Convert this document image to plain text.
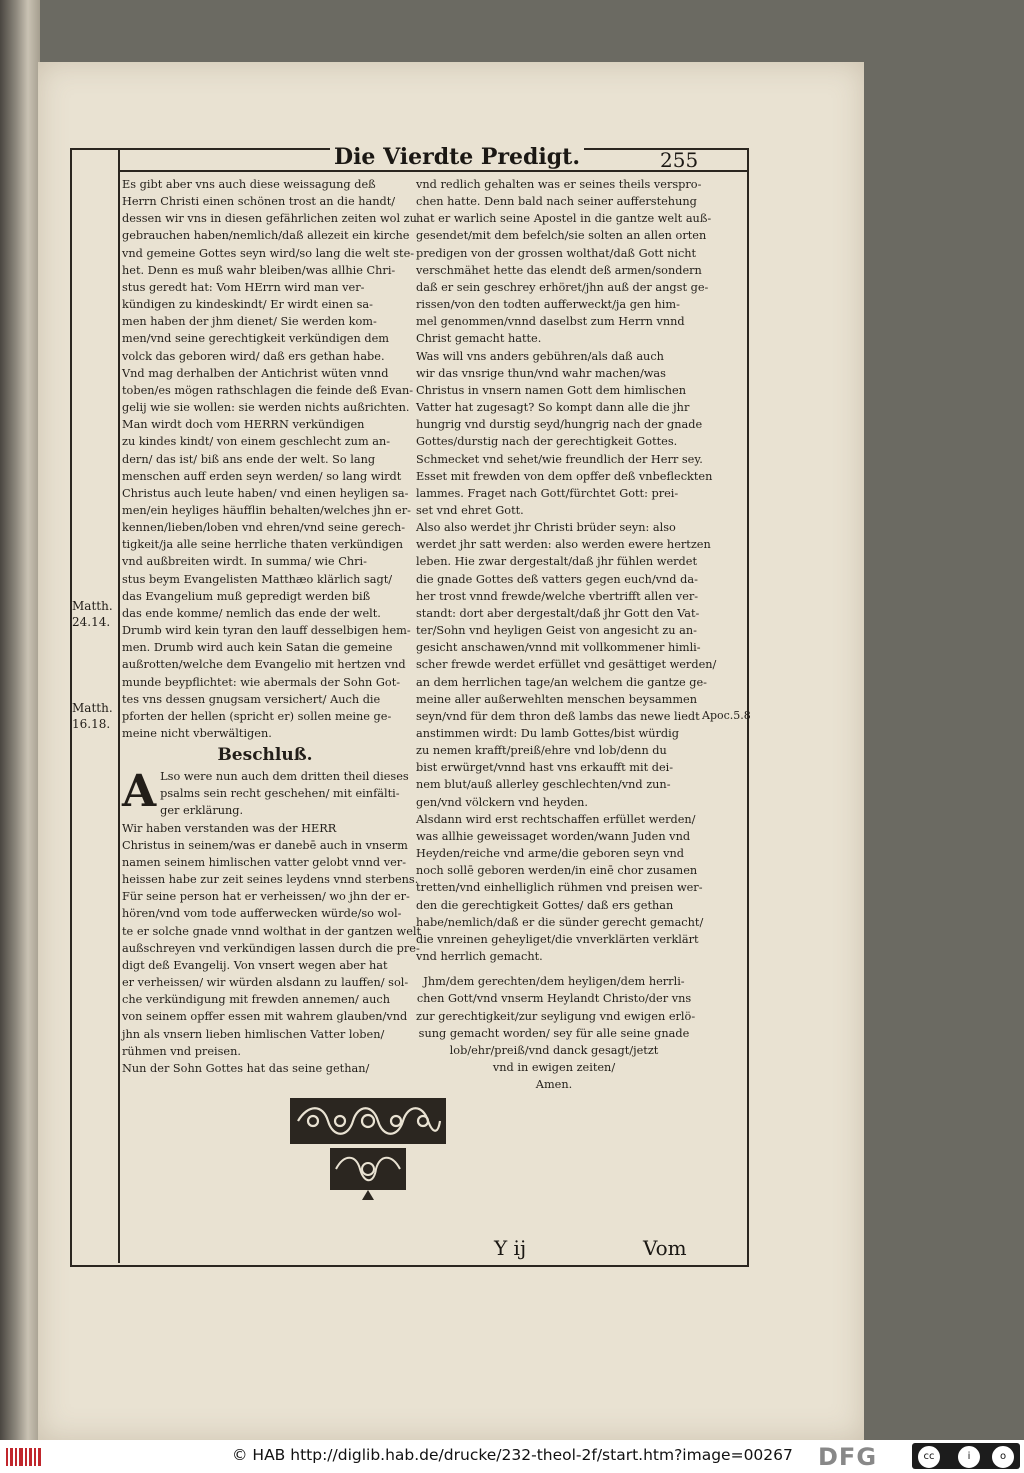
Die Vierdte Predigt.	255
Matth.
24.14.
Matth.
16.18.
Apoc.5.8

Es gibt aber vns auch diese weissagung deß

Herrn Christi einen schönen trost an die handt/

dessen wir vns in diesen gefährlichen zeiten wol zu

gebrauchen haben/nemlich/daß allezeit ein kirche

vnd gemeine Gottes seyn wird/so lang die welt ste-

het. Denn es muß wahr bleiben/was allhie Chri-

stus geredt hat: Vom HErrn wird man ver-

kündigen zu kindeskindt/ Er wirdt einen sa-

men haben der jhm dienet/ Sie werden kom-

men/vnd seine gerechtigkeit verkündigen dem

volck das geboren wird/ daß ers gethan habe.

Vnd mag derhalben der Antichrist wüten vnnd

toben/es mögen rathschlagen die feinde deß Evan-

gelij wie sie wollen: sie werden nichts außrichten.

Man wirdt doch vom HERRN verkündigen

zu kindes kindt/ von einem geschlecht zum an-

dern/ das ist/ biß ans ende der welt. So lang

menschen auff erden seyn werden/ so lang wirdt

Christus auch leute haben/ vnd einen heyligen sa-

men/ein heyliges häufflin behalten/welches jhn er-

kennen/lieben/loben vnd ehren/vnd seine gerech-

tigkeit/ja alle seine herrliche thaten verkündigen

vnd außbreiten wirdt. In summa/ wie Chri-

stus beym Evangelisten Matthæo klärlich sagt/

das Evangelium muß gepredigt werden biß

das ende komme/ nemlich das ende der welt.

Drumb wird kein tyran den lauff desselbigen hem-

men. Drumb wird auch kein Satan die gemeine

außrotten/welche dem Evangelio mit hertzen vnd

munde beypflichtet: wie abermals der Sohn Got-

tes vns dessen gnugsam versichert/ Auch die

pforten der hellen (spricht er) sollen meine ge-

meine nicht vberwältigen.

Beschluß.
A Lso were nun auch dem dritten theil dieses

psalms sein recht geschehen/ mit einfälti-

ger erklärung.

Wir haben verstanden was der HERR

Christus in seinem/was er danebē auch in vnserm

namen seinem himlischen vatter gelobt vnnd ver-

heissen habe zur zeit seines leydens vnnd sterbens.

Für seine person hat er verheissen/ wo jhn der er-

hören/vnd vom tode aufferwecken würde/so wol-

te er solche gnade vnnd wolthat in der gantzen welt

außschreyen vnd verkündigen lassen durch die pre-

digt deß Evangelij. Von vnsert wegen aber hat

er verheissen/ wir würden alsdann zu lauffen/ sol-

che verkündigung mit frewden annemen/ auch

von seinem opffer essen mit wahrem glauben/vnd

jhn als vnsern lieben himlischen Vatter loben/

rühmen vnd preisen.

Nun der Sohn Gottes hat das seine gethan/

vnd redlich gehalten was er seines theils verspro-

chen hatte. Denn bald nach seiner aufferstehung

hat er warlich seine Apostel in die gantze welt auß-

gesendet/mit dem befelch/sie solten an allen orten

predigen von der grossen wolthat/daß Gott nicht

verschmähet hette das elendt deß armen/sondern

daß er sein geschrey erhöret/jhn auß der angst ge-

rissen/von den todten aufferweckt/ja gen him-

mel genommen/vnnd daselbst zum Herrn vnnd

Christ gemacht hatte.

Was will vns anders gebühren/als daß auch

wir das vnsrige thun/vnd wahr machen/was

Christus in vnsern namen Gott dem himlischen

Vatter hat zugesagt? So kompt dann alle die jhr

hungrig vnd durstig seyd/hungrig nach der gnade

Gottes/durstig nach der gerechtigkeit Gottes.

Schmecket vnd sehet/wie freundlich der Herr sey.

Esset mit frewden von dem opffer deß vnbefleckten

lammes. Fraget nach Gott/fürchtet Gott: prei-

set vnd ehret Gott.

Also also werdet jhr Christi brüder seyn: also

werdet jhr satt werden: also werden ewere hertzen

leben. Hie zwar dergestalt/daß jhr fühlen werdet

die gnade Gottes deß vatters gegen euch/vnd da-

her trost vnnd frewde/welche vbertrifft allen ver-

standt: dort aber dergestalt/daß jhr Gott den Vat-

ter/Sohn vnd heyligen Geist von angesicht zu an-

gesicht anschawen/vnnd mit vollkommener himli-

scher frewde werdet erfüllet vnd gesättiget werden/

an dem herrlichen tage/an welchem die gantze ge-

meine aller außerwehlten menschen beysammen

seyn/vnd für dem thron deß lambs das newe liedt

anstimmen wirdt: Du lamb Gottes/bist würdig

zu nemen krafft/preiß/ehre vnd lob/denn du

bist erwürget/vnnd hast vns erkaufft mit dei-

nem blut/auß allerley geschlechten/vnd zun-

gen/vnd völckern vnd heyden.

Alsdann wird erst rechtschaffen erfüllet werden/

was allhie geweissaget worden/wann Juden vnd

Heyden/reiche vnd arme/die geboren seyn vnd

noch sollē geboren werden/in einē chor zusamen

tretten/vnd einhelliglich rühmen vnd preisen wer-

den die gerechtigkeit Gottes/ daß ers gethan

habe/nemlich/daß er die sünder gerecht gemacht/

die vnreinen geheyliget/die vnverklärten verklärt

vnd herrlich gemacht.

Jhm/dem gerechten/dem heyligen/dem herrli-

chen Gott/vnd vnserm Heylandt Christo/der vns

zur gerechtigkeit/zur seyligung vnd ewigen erlö-

sung gemacht worden/ sey für alle seine gnade

lob/ehr/preiß/vnd danck gesagt/jetzt

vnd in ewigen zeiten/

Amen.

Y ij	Vom
© HAB http://diglib.hab.de/drucke/232-theol-2f/start.htm?image=00267 DFG	cc	i	o
